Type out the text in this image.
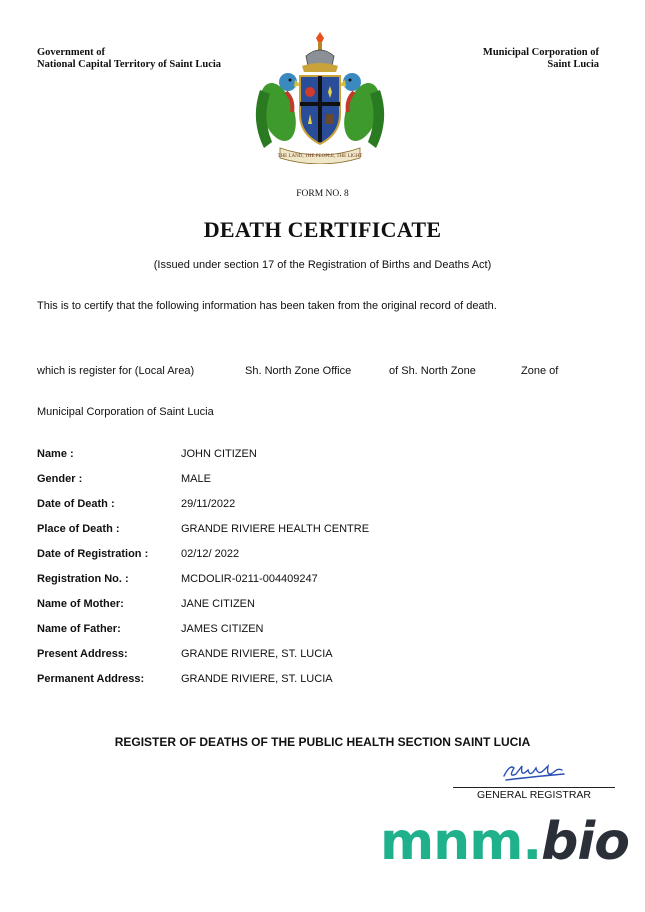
Government of
National Capital Territory of Saint Lucia
Municipal Corporation of
Saint Lucia
THE LAND, THE PEOPLE, THE LIGHT
FORM NO. 8
DEATH CERTIFICATE
(Issued under section 17 of the Registration of Births and Deaths Act)
This is to certify that the following information has been taken from the original record of death.
which is register for (Local Area)	Sh. North Zone Office	of Sh. North Zone	Zone of
Municipal Corporation of Saint Lucia
Name :	JOHN CITIZEN
Gender :	MALE
Date of Death :	29/11/2022
Place of Death :	GRANDE RIVIERE HEALTH CENTRE
Date of Registration :	02/12/ 2022
Registration No. :	MCDOLIR-0211-004409247
Name of Mother:	JANE CITIZEN
Name of Father:	JAMES CITIZEN
Present Address:	GRANDE RIVIERE, ST. LUCIA
Permanent Address:	GRANDE RIVIERE, ST. LUCIA
REGISTER OF DEATHS OF THE PUBLIC HEALTH SECTION SAINT LUCIA
GENERAL REGISTRAR
mnm.bio
